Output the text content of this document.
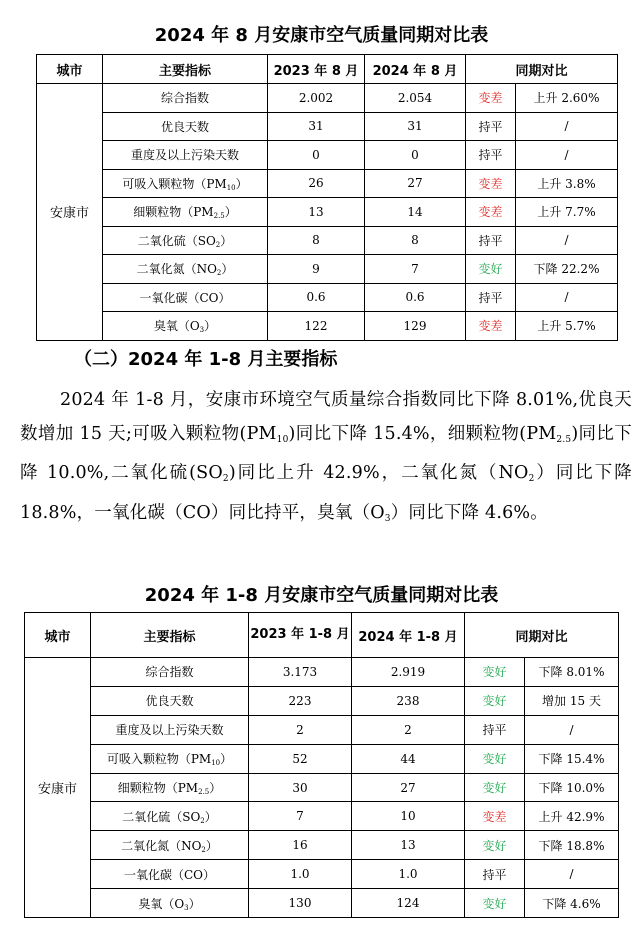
2024 年 8 月安康市空气质量同期对比表
城市	主要指标	2023 年 8 月	2024 年 8 月	同期对比	
安康市	综合指数	2.002	2.054	变差	上升 2.60%
	优良天数	31	31	持平	/
	重度及以上污染天数	0	0	持平	/
	可吸入颗粒物$(PM_{10})$	26	27	变差	上升 3.8%
	细颗粒物$(PM_{2.5})$	13	14	变差	上升 7.7%
	二氧化硫$(SO_2)$	8	8	持平	/
	二氧化氮$(NO_2)$	9	7	变好	下降 22.2%
	一氧化碳（CO）	0.6	0.6	持平	/
	臭氧$(O_3)$	122	129	变差	上升 5.7%
（二）2024 年 1-8 月主要指标

2024 年 1-8 月，安康市环境空气质量综合指数同比下降 8.01%,优良天数增加 15 天;可吸入颗粒物$(PM_{10})$同比下降 15.4%，细颗粒物$(PM_{2.5})$同比下降 10.0%,二氧化硫$(SO_2)$同比上升 42.9%，二氧化氮$(NO_2)$同比下降 18.8%，一氧化碳（CO）同比持平，臭氧$(O_3)$同比下降 4.6%。

2024 年 1-8 月安康市空气质量同期对比表
城市	主要指标	2023 年 1-8 月	2024 年 1-8 月	同期对比	
安康市	综合指数	3.173	2.919	变好	下降 8.01%
	优良天数	223	238	变好	增加 15 天
	重度及以上污染天数	2	2	持平	/
	可吸入颗粒物$(PM_{10})$	52	44	变好	下降 15.4%
	细颗粒物$(PM_{2.5})$	30	27	变好	下降 10.0%
	二氧化硫$(SO_2)$	7	10	变差	上升 42.9%
	二氧化氮$(NO_2)$	16	13	变好	下降 18.8%
	一氧化碳（CO）	1.0	1.0	持平	/
	臭氧$(O_3)$	130	124	变好	下降 4.6%
